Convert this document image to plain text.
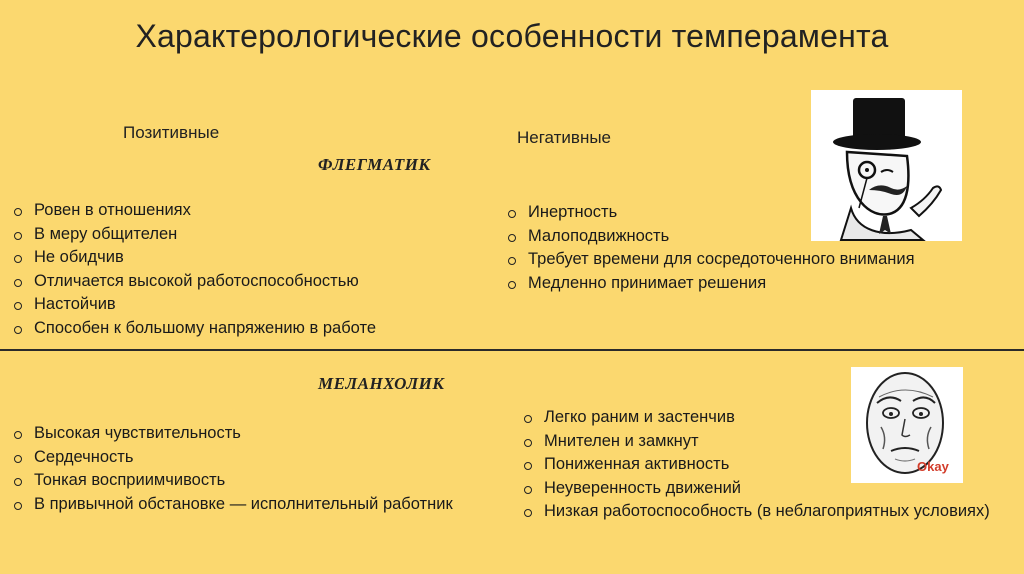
Характерологические особенности темперамента
Позитивные	Негативные
ФЛЕГМАТИК
Ровен в отношениях
В меру общителен
Не обидчив
Отличается высокой работоспособностью
Настойчив
Способен к большому напряжению в работе
Инертность
Малоподвижность
Требует времени для сосредоточенного внимания
Медленно принимает решения
МЕЛАНХОЛИК
Высокая чувствительность
Сердечность
Тонкая восприимчивость
В привычной обстановке — исполнительный работник
Легко раним и застенчив
Мнителен и замкнут
Пониженная активность
Неуверенность движений
Низкая работоспособность (в неблагоприятных условиях)
Okay
